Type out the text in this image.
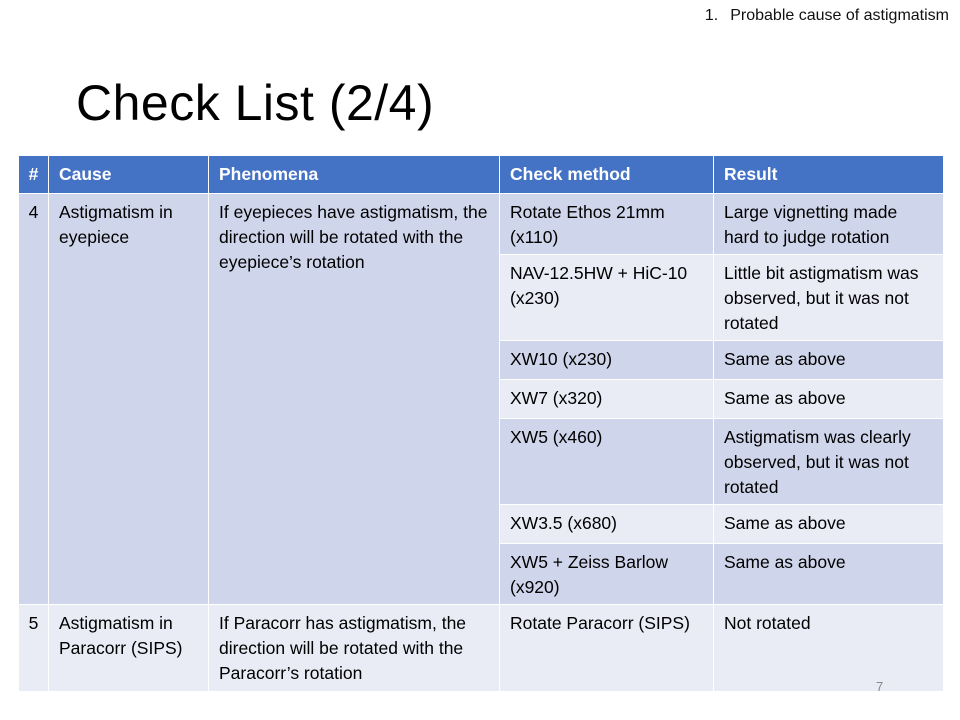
1. Probable cause of astigmatism
Check List (2/4)
#	Cause	Phenomena	Check method	Result
4	Astigmatism in eyepiece	If eyepieces have astigmatism, the direction will be rotated with the eyepiece’s rotation	Rotate Ethos 21mm (x110)	Large vignetting made hard to judge rotation
			NAV-12.5HW + HiC-10 (x230)	Little bit astigmatism was observed, but it was not rotated
			XW10 (x230)	Same as above
			XW7 (x320)	Same as above
			XW5 (x460)	Astigmatism was clearly observed, but it was not rotated
			XW3.5 (x680)	Same as above
			XW5 + Zeiss Barlow (x920)	Same as above
5	Astigmatism in Paracorr (SIPS)	If Paracorr has astigmatism, the direction will be rotated with the Paracorr’s rotation	Rotate Paracorr (SIPS)	Not rotated
7
